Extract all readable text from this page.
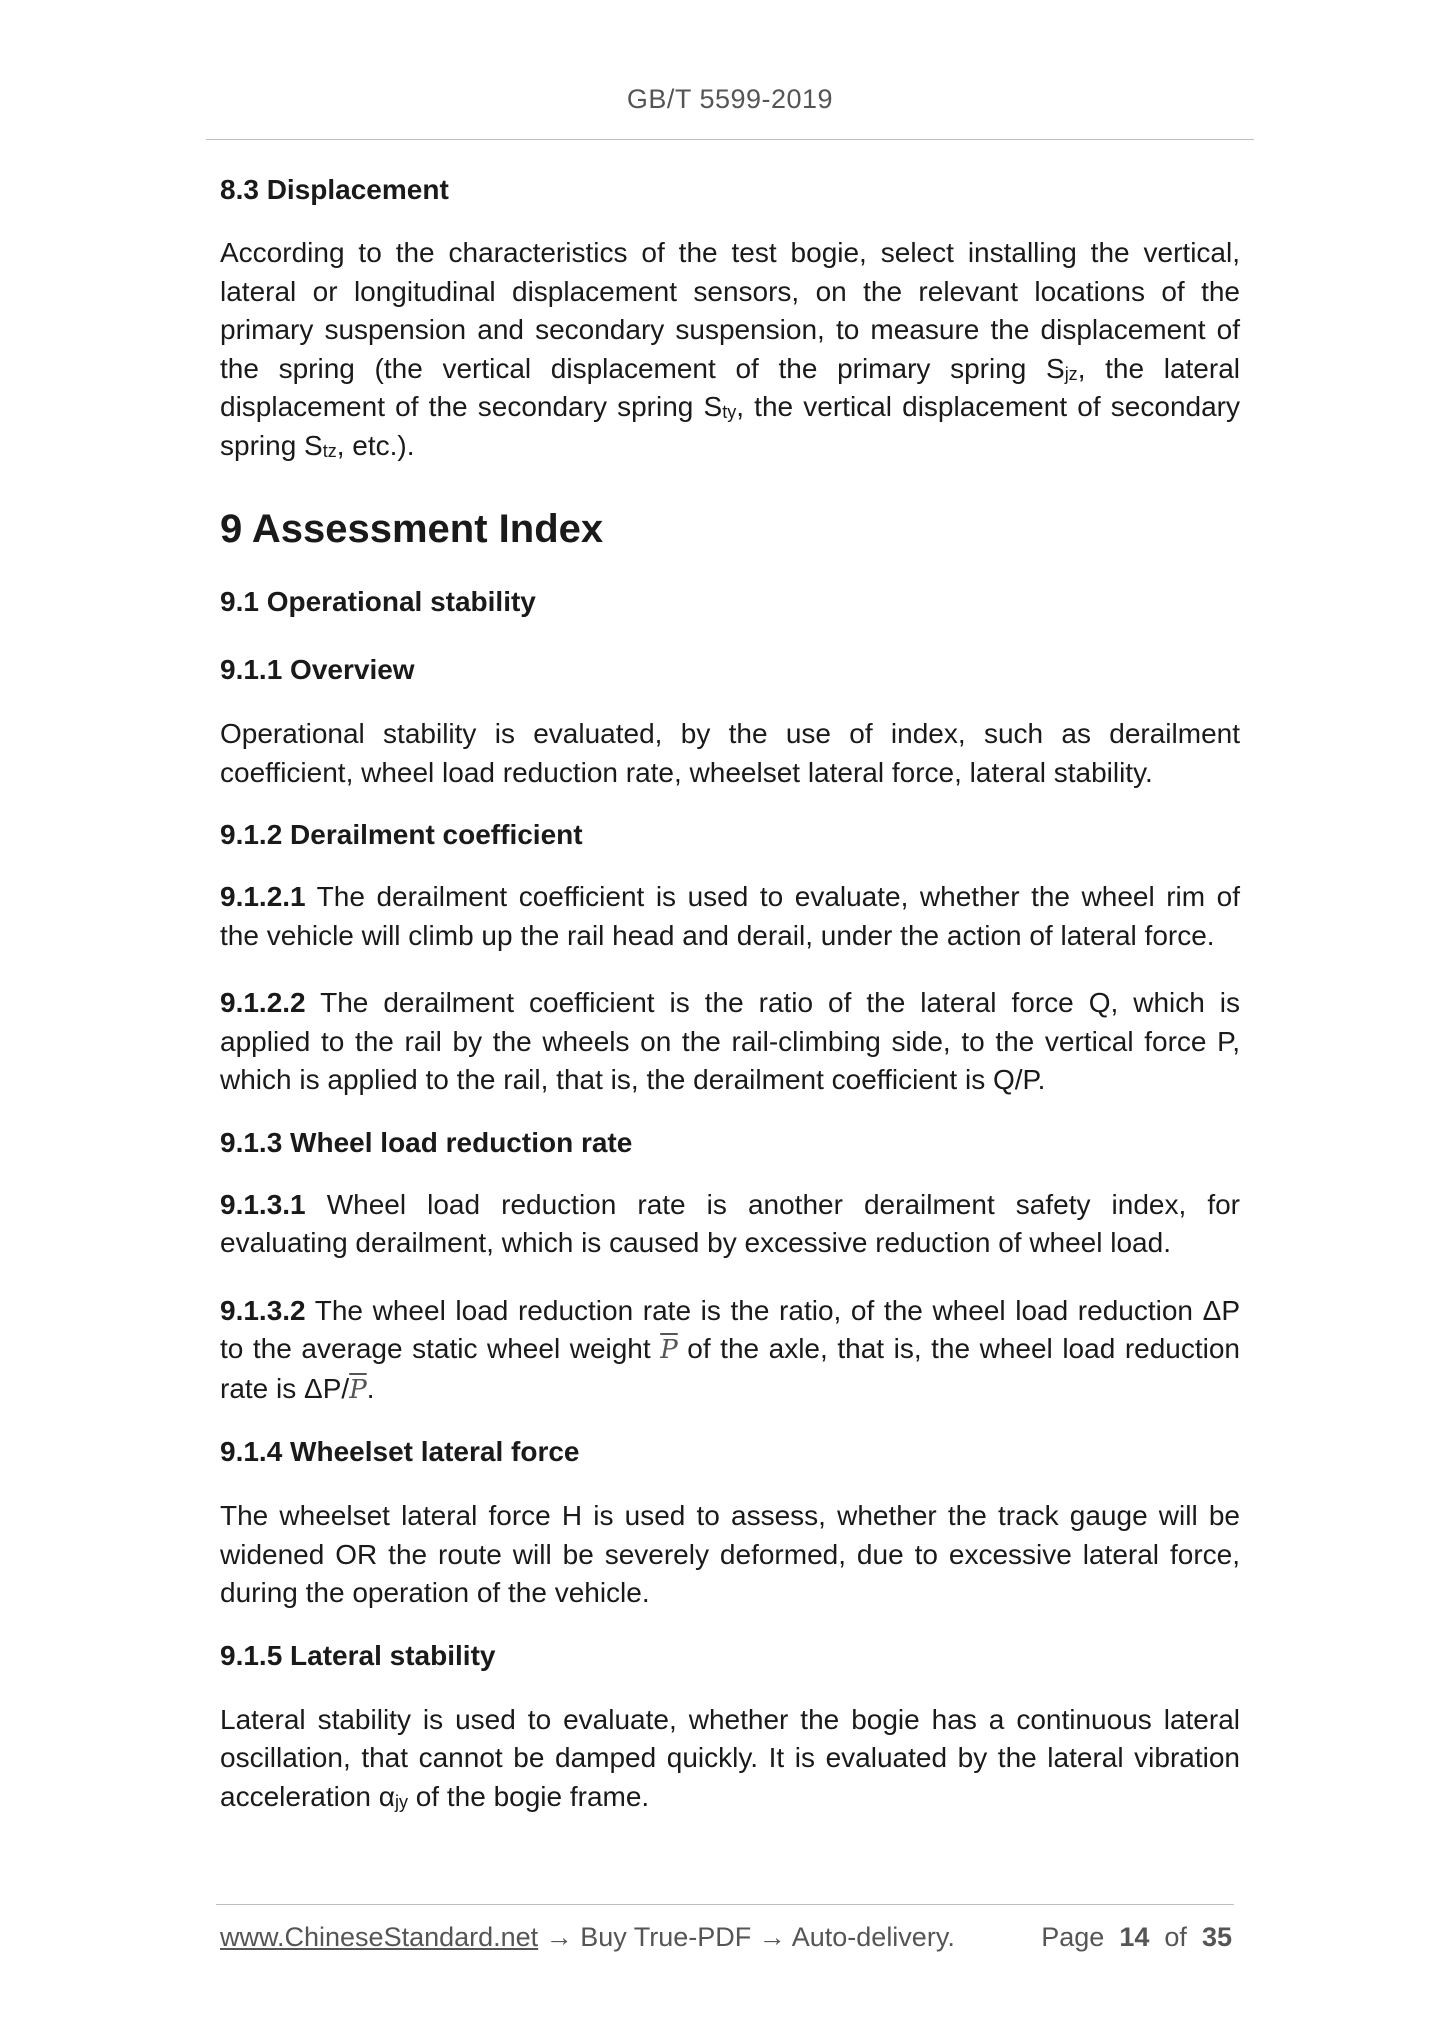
GB/T 5599-2019
8.3 Displacement

According to the characteristics of the test bogie, select installing the vertical, lateral or longitudinal displacement sensors, on the relevant locations of the primary suspension and secondary suspension, to measure the displacement of the spring (the vertical displacement of the primary spring $S_{jz}$, the lateral displacement of the secondary spring $S_{ty}$, the vertical displacement of secondary spring $S_{tz}$, etc.).

9 Assessment Index
9.1 Operational stability
9.1.1 Overview

Operational stability is evaluated, by the use of index, such as derailment coefficient, wheel load reduction rate, wheelset lateral force, lateral stability.

9.1.2 Derailment coefficient

9.1.2.1 The derailment coefficient is used to evaluate, whether the wheel rim of the vehicle will climb up the rail head and derail, under the action of lateral force.

9.1.2.2 The derailment coefficient is the ratio of the lateral force Q, which is applied to the rail by the wheels on the rail-climbing side, to the vertical force P, which is applied to the rail, that is, the derailment coefficient is Q/P.

9.1.3 Wheel load reduction rate

9.1.3.1 Wheel load reduction rate is another derailment safety index, for evaluating derailment, which is caused by excessive reduction of wheel load.

9.1.3.2 The wheel load reduction rate is the ratio, of the wheel load reduction ΔP to the average static wheel weight $\overline{P}$ of the axle, that is, the wheel load reduction rate is $\Delta P/\overline{P}$.

9.1.4 Wheelset lateral force

The wheelset lateral force H is used to assess, whether the track gauge will be widened OR the route will be severely deformed, due to excessive lateral force, during the operation of the vehicle.

9.1.5 Lateral stability

Lateral stability is used to evaluate, whether the bogie has a continuous lateral oscillation, that cannot be damped quickly. It is evaluated by the lateral vibration acceleration $\alpha_{jy}$ of the bogie frame.

www.ChineseStandard.net → Buy True-PDF → Auto-delivery.	Page 14 of 35
